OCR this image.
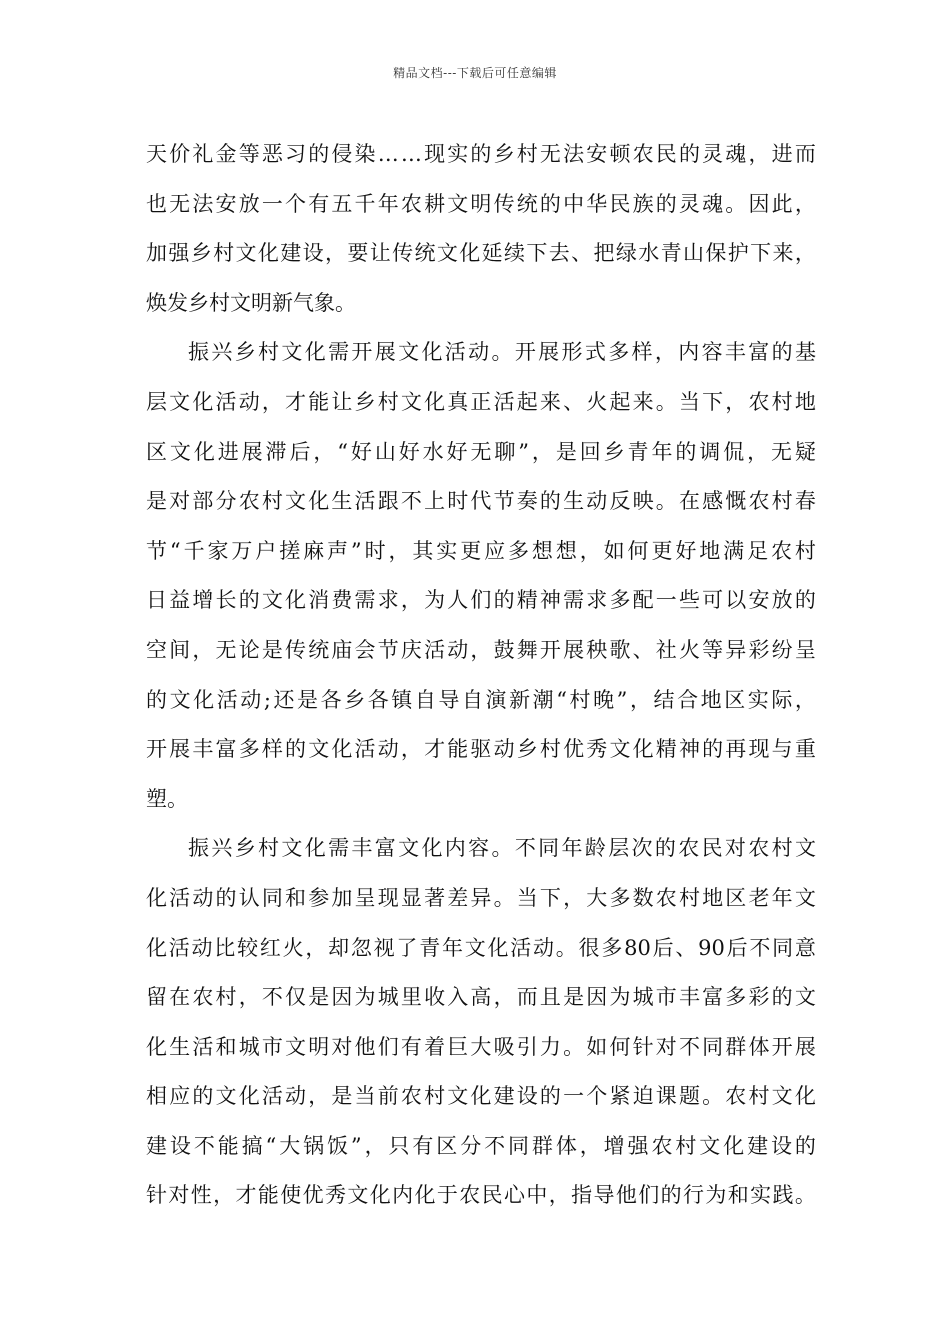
精品文档---下载后可任意编辑
天 价 礼 金 等 恶 习 的 侵 染 … … 现 实 的 乡 村 无 法 安 顿 农 民 的 灵 魂 ， 进 而
也 无 法 安 放 一 个 有 五 千 年 农 耕 文 明 传 统 的 中 华 民 族 的 灵 魂 。 因 此 ，
加 强 乡 村 文 化 建 设 ， 要 让 传 统 文 化 延 续 下 去 、 把 绿 水 青 山 保 护 下 来 ，
焕发乡村文明新气象。
振 兴 乡 村 文 化 需 开 展 文 化 活 动 。 开 展 形 式 多 样 ， 内 容 丰 富 的 基
层 文 化 活 动 ， 才 能 让 乡 村 文 化 真 正 活 起 来 、 火 起 来 。 当 下 ， 农 村 地
区 文 化 进 展 滞 后 ， “ 好 山 好 水 好 无 聊 ” ， 是 回 乡 青 年 的 调 侃 ， 无 疑
是 对 部 分 农 村 文 化 生 活 跟 不 上 时 代 节 奏 的 生 动 反 映 。 在 感 慨 农 村 春
节 “ 千 家 万 户 搓 麻 声 ” 时 ， 其 实 更 应 多 想 想 ， 如 何 更 好 地 满 足 农 村
日 益 增 长 的 文 化 消 费 需 求 ， 为 人 们 的 精 神 需 求 多 配 一 些 可 以 安 放 的
空 间 ， 无 论 是 传 统 庙 会 节 庆 活 动 ， 鼓 舞 开 展 秧 歌 、 社 火 等 异 彩 纷 呈
的 文 化 活 动 ; 还 是 各 乡 各 镇 自 导 自 演 新 潮 “ 村 晚 ” ， 结 合 地 区 实 际 ，
开 展 丰 富 多 样 的 文 化 活 动 ， 才 能 驱 动 乡 村 优 秀 文 化 精 神 的 再 现 与 重
塑。
振 兴 乡 村 文 化 需 丰 富 文 化 内 容 。 不 同 年 龄 层 次 的 农 民 对 农 村 文
化 活 动 的 认 同 和 参 加 呈 现 显 著 差 异 。 当 下 ， 大 多 数 农 村 地 区 老 年 文
化 活 动 比 较 红 火 ， 却 忽 视 了 青 年 文 化 活 动 。 很 多 80 后 、 90 后 不 同 意
留 在 农 村 ， 不 仅 是 因 为 城 里 收 入 高 ， 而 且 是 因 为 城 市 丰 富 多 彩 的 文
化 生 活 和 城 市 文 明 对 他 们 有 着 巨 大 吸 引 力 。 如 何 针 对 不 同 群 体 开 展
相 应 的 文 化 活 动 ， 是 当 前 农 村 文 化 建 设 的 一 个 紧 迫 课 题 。 农 村 文 化
建 设 不 能 搞 “ 大 锅 饭 ” ， 只 有 区 分 不 同 群 体 ， 增 强 农 村 文 化 建 设 的
针 对 性 ， 才 能 使 优 秀 文 化 内 化 于 农 民 心 中 ， 指 导 他 们 的 行 为 和 实 践 。
